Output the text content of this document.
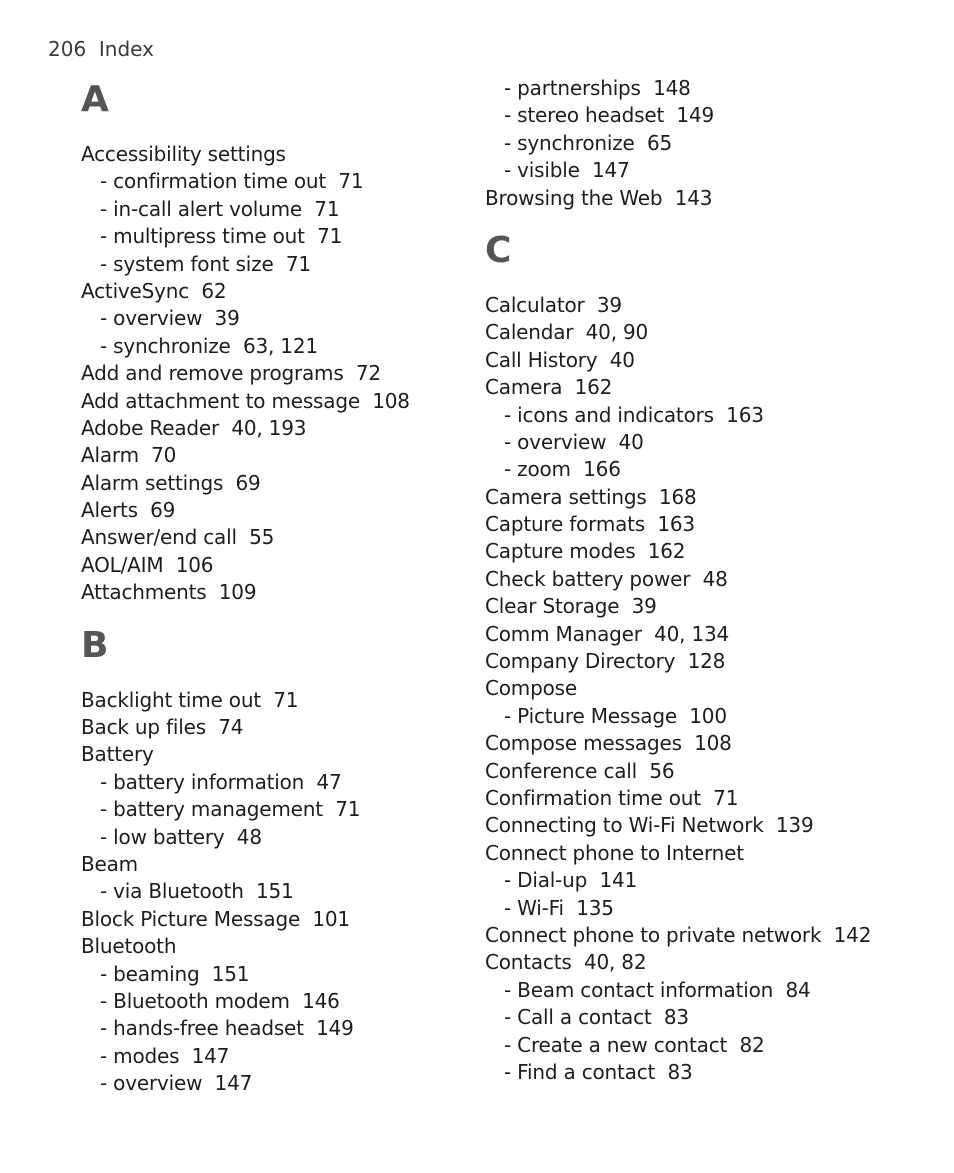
206  Index
A
Accessibility settings
- confirmation time out  71
- in-call alert volume  71
- multipress time out  71
- system font size  71
ActiveSync  62
- overview  39
- synchronize  63, 121
Add and remove programs  72
Add attachment to message  108
Adobe Reader  40, 193
Alarm  70
Alarm settings  69
Alerts  69
Answer/end call  55
AOL/AIM  106
Attachments  109
B
Backlight time out  71
Back up files  74
Battery
- battery information  47
- battery management  71
- low battery  48
Beam
- via Bluetooth  151
Block Picture Message  101
Bluetooth
- beaming  151
- Bluetooth modem  146
- hands-free headset  149
- modes  147
- overview  147
- partnerships  148
- stereo headset  149
- synchronize  65
- visible  147
Browsing the Web  143
C
Calculator  39
Calendar  40, 90
Call History  40
Camera  162
- icons and indicators  163
- overview  40
- zoom  166
Camera settings  168
Capture formats  163
Capture modes  162
Check battery power  48
Clear Storage  39
Comm Manager  40, 134
Company Directory  128
Compose
- Picture Message  100
Compose messages  108
Conference call  56
Confirmation time out  71
Connecting to Wi-Fi Network  139
Connect phone to Internet
- Dial-up  141
- Wi-Fi  135
Connect phone to private network  142
Contacts  40, 82
- Beam contact information  84
- Call a contact  83
- Create a new contact  82
- Find a contact  83
